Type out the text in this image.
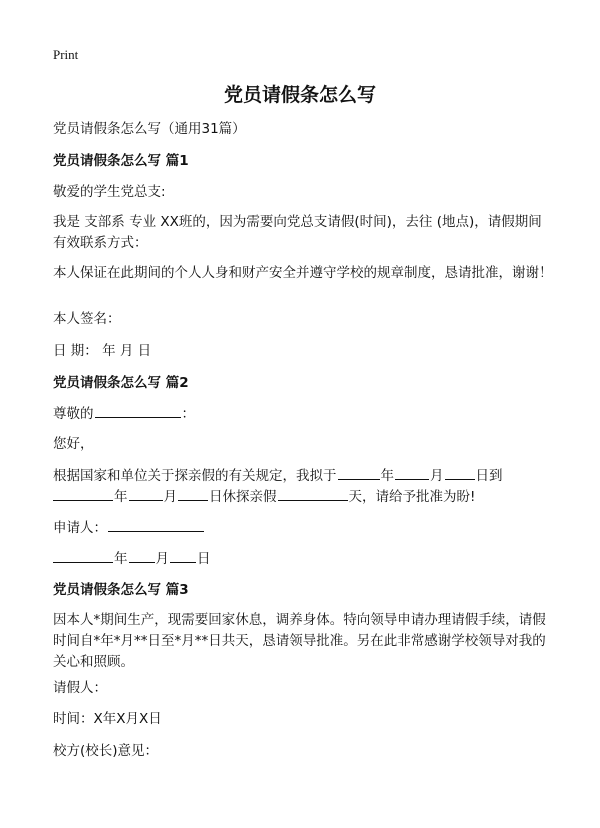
Print
党员请假条怎么写
党员请假条怎么写（通用31篇）
党员请假条怎么写 篇1
敬爱的学生党总支:
我是 支部系 专业 XX班的，因为需要向党总支请假(时间)，去往 (地点)，请假期间有效联系方式：
本人保证在此期间的个人人身和财产安全并遵守学校的规章制度，恳请批准，谢谢！
本人签名：
日 期： 年 月 日
党员请假条怎么写 篇2
尊敬的	：
您好，
根据国家和单位关于探亲假的有关规定，我拟于	年	月 日到
年	月 日休探亲假	天，请给予批准为盼!
申请人：
年 月 日
党员请假条怎么写 篇3
因本人*期间生产，现需要回家休息，调养身体。特向领导申请办理请假手续，请假时间自*年*月**日至*月**日共天，恳请领导批准。另在此非常感谢学校领导对我的关心和照顾。
请假人：
时间：X年X月X日
校方(校长)意见：
